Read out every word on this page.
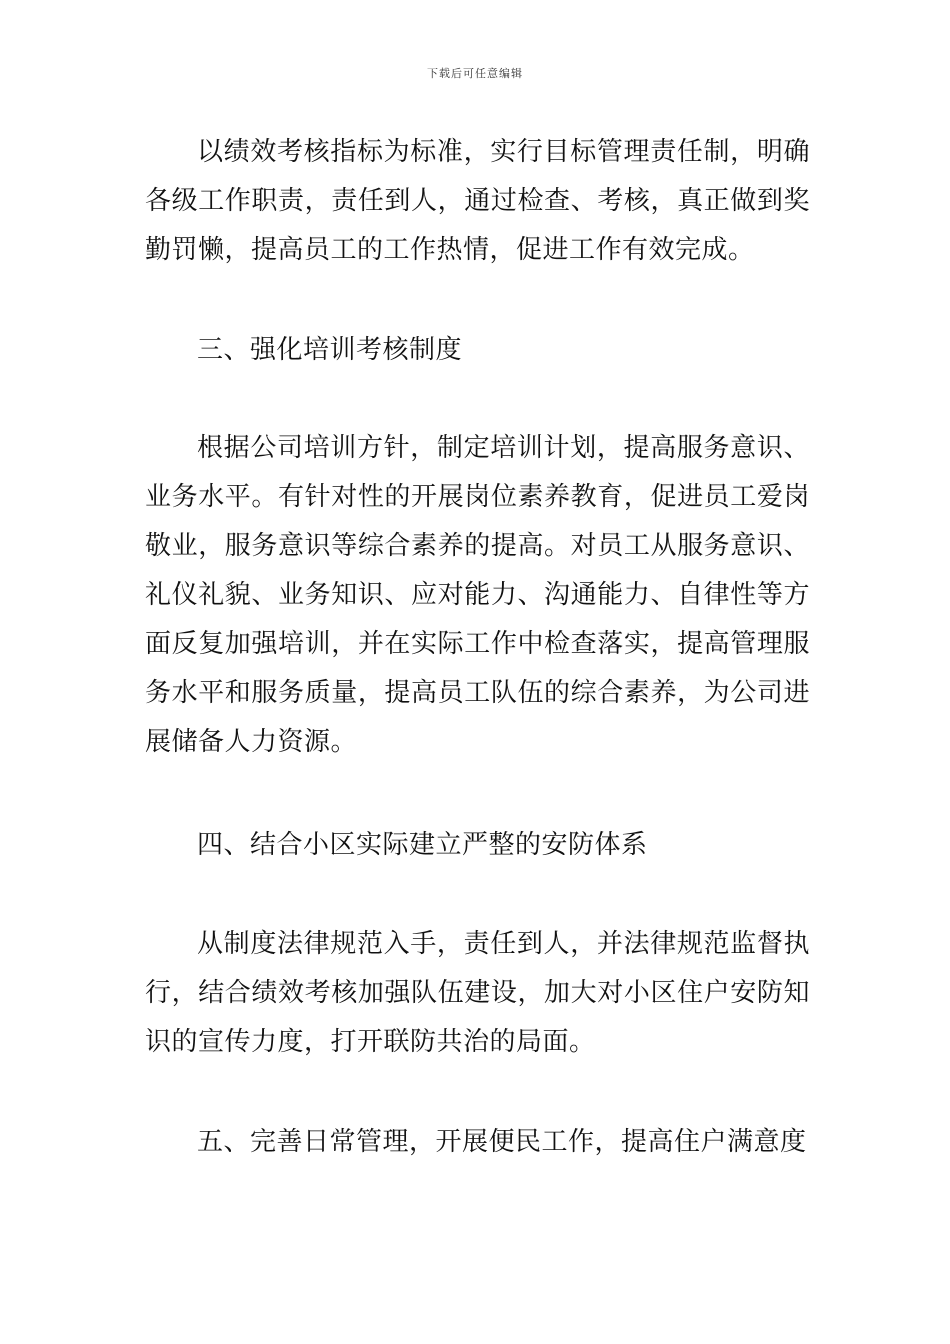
下载后可任意编辑

以绩效考核指标为标准，实行目标管理责任制，明确各级工作职责，责任到人，通过检查、考核，真正做到奖勤罚懒，提高员工的工作热情，促进工作有效完成。

三、强化培训考核制度

根据公司培训方针，制定培训计划，提高服务意识、业务水平。有针对性的开展岗位素养教育，促进员工爱岗敬业，服务意识等综合素养的提高。对员工从服务意识、礼仪礼貌、业务知识、应对能力、沟通能力、自律性等方面反复加强培训，并在实际工作中检查落实，提高管理服务水平和服务质量，提高员工队伍的综合素养，为公司进展储备人力资源。

四、结合小区实际建立严整的安防体系

从制度法律规范入手，责任到人，并法律规范监督执行，结合绩效考核加强队伍建设，加大对小区住户安防知识的宣传力度，打开联防共治的局面。

五、完善日常管理，开展便民工作，提高住户满意度
